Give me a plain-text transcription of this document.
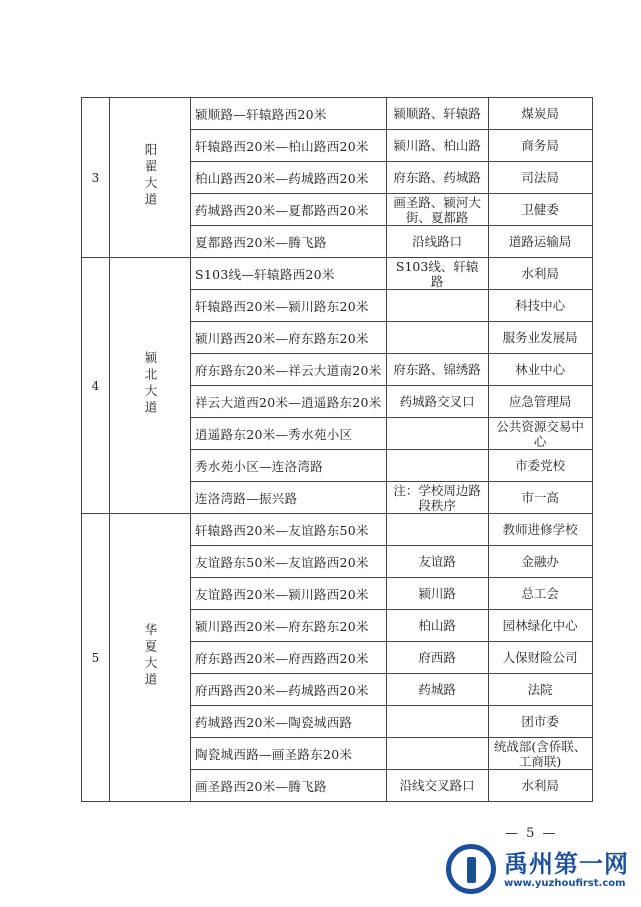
3	阳翟大道	颍顺路—轩辕路西20米	颍顺路、轩辕路	煤炭局
		轩辕路西20米—柏山路西20米	颍川路、柏山路	商务局
		柏山路西20米—药城路西20米	府东路、药城路	司法局
		药城路西20米—夏都路西20米	画圣路、颍河大街、夏都路	卫健委
		夏都路西20米—腾飞路	沿线路口	道路运输局
4	颍北大道	S103线—轩辕路西20米	S103线、轩辕路	水利局
		轩辕路西20米—颍川路东20米		科技中心
		颍川路西20米—府东路东20米		服务业发展局
		府东路东20米—祥云大道南20米	府东路、锦绣路	林业中心
		祥云大道西20米—逍遥路东20米	药城路交叉口	应急管理局
		逍遥路东20米—秀水苑小区		公共资源交易中心
		秀水苑小区—连洛湾路		市委党校
		连洛湾路—振兴路	注：学校周边路段秩序	市一高
5	华夏大道	轩辕路西20米—友谊路东50米		教师进修学校
		友谊路东50米—友谊路西20米	友谊路	金融办
		友谊路西20米—颍川路西20米	颍川路	总工会
		颍川路西20米—府东路东20米	柏山路	园林绿化中心
		府东路西20米—府西路西20米	府西路	人保财险公司
		府西路西20米—药城路西20米	药城路	法院
		药城路西20米—陶瓷城西路		团市委
		陶瓷城西路—画圣路东20米		统战部(含侨联、工商联)
		画圣路西20米—腾飞路	沿线交叉路口	水利局
— 5 —
禹州第一网
www.yuzhoufirst.com
